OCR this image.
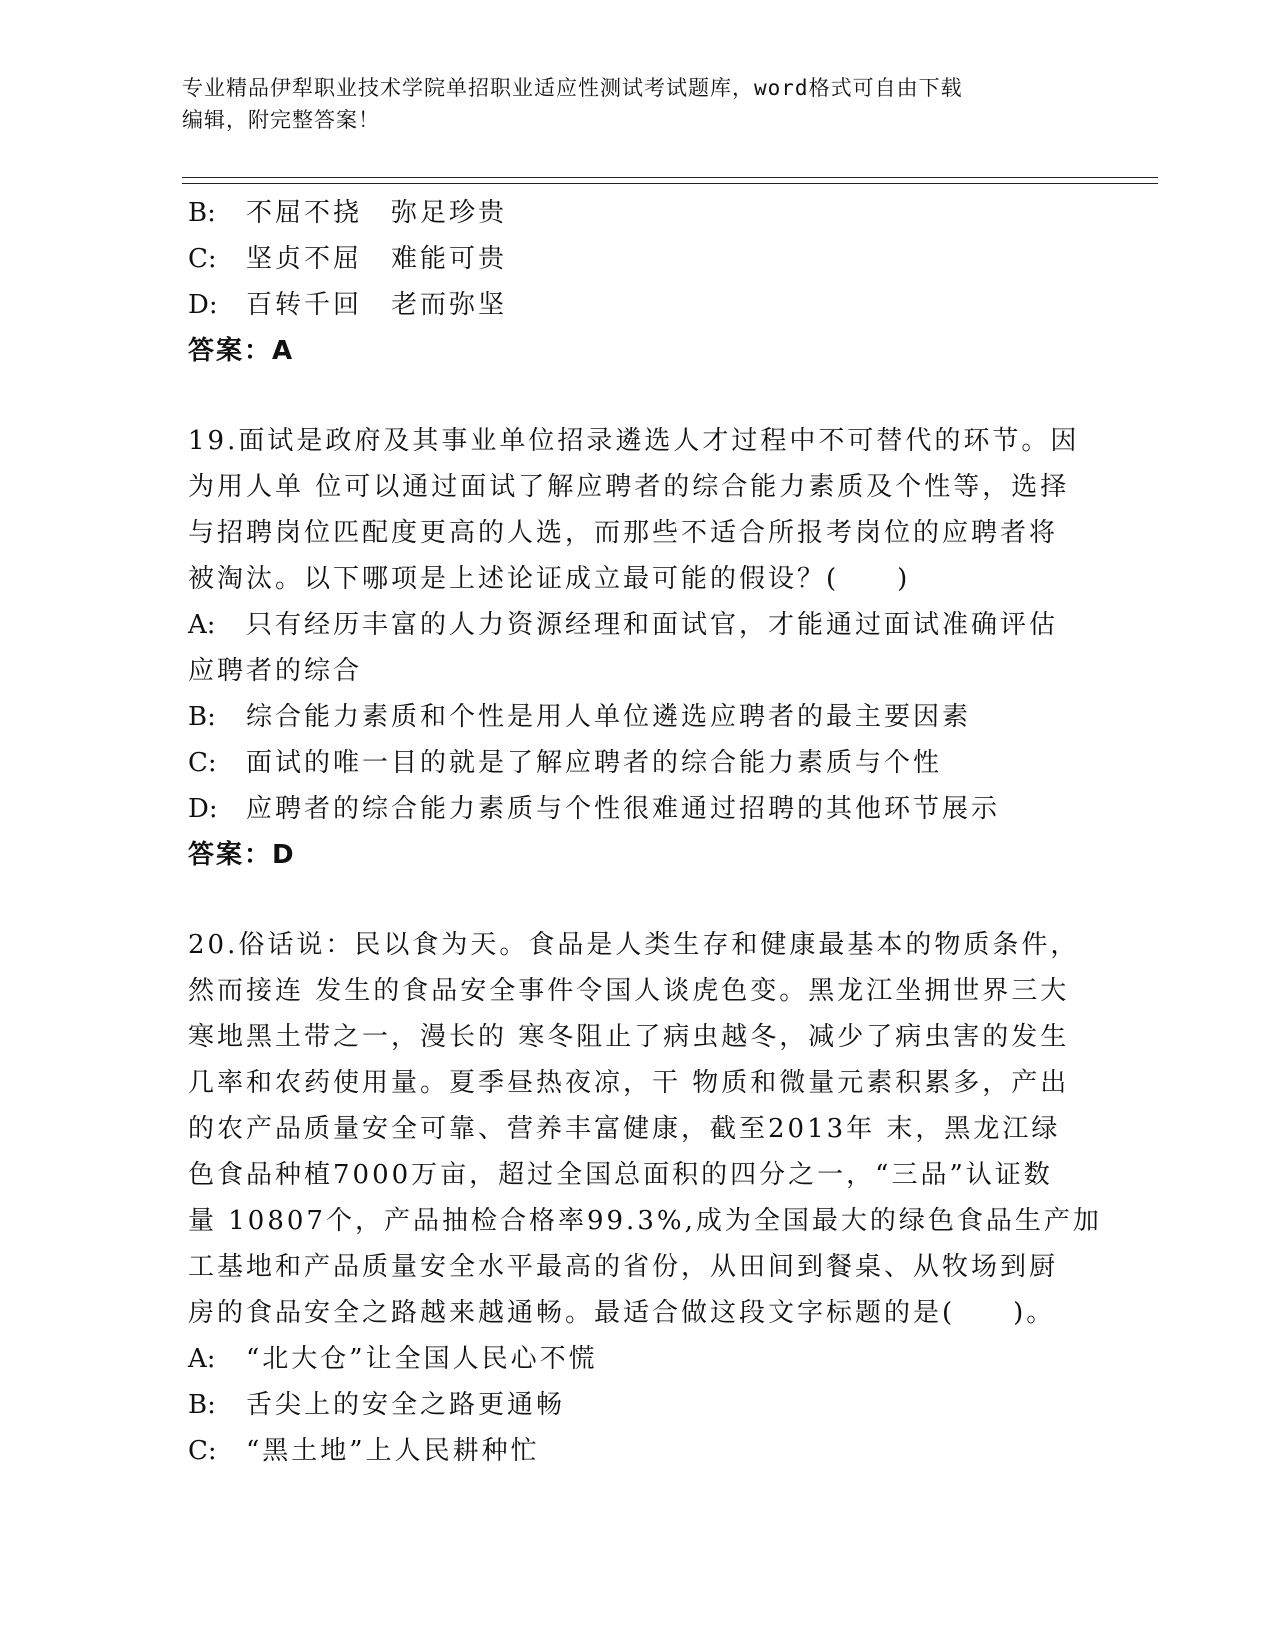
专业精品伊犁职业技术学院单招职业适应性测试考试题库，word格式可自由下载
编辑，附完整答案！
B: 不屈不挠　弥足珍贵
C: 坚贞不屈　难能可贵
D: 百转千回　老而弥坚
答案：A
19.面试是政府及其事业单位招录遴选人才过程中不可替代的环节。因
为用人单 位可以通过面试了解应聘者的综合能力素质及个性等，选择
与招聘岗位匹配度更高的人选，而那些不适合所报考岗位的应聘者将
被淘汰。以下哪项是上述论证成立最可能的假设？(　　)
A: 只有经历丰富的人力资源经理和面试官，才能通过面试准确评估
应聘者的综合
B: 综合能力素质和个性是用人单位遴选应聘者的最主要因素
C: 面试的唯一目的就是了解应聘者的综合能力素质与个性
D: 应聘者的综合能力素质与个性很难通过招聘的其他环节展示
答案：D
20.俗话说：民以食为天。食品是人类生存和健康最基本的物质条件，
然而接连 发生的食品安全事件令国人谈虎色变。黑龙江坐拥世界三大
寒地黑土带之一，漫长的 寒冬阻止了病虫越冬，减少了病虫害的发生
几率和农药使用量。夏季昼热夜凉，干 物质和微量元素积累多，产出
的农产品质量安全可靠、营养丰富健康，截至2013年 末，黑龙江绿
色食品种植7000万亩，超过全国总面积的四分之一，“三品”认证数
量 10807个，产品抽检合格率99.3%,成为全国最大的绿色食品生产加
工基地和产品质量安全水平最高的省份，从田间到餐桌、从牧场到厨
房的食品安全之路越来越通畅。最适合做这段文字标题的是(　　)。
A: “北大仓”让全国人民心不慌
B: 舌尖上的安全之路更通畅
C: “黑土地”上人民耕种忙
